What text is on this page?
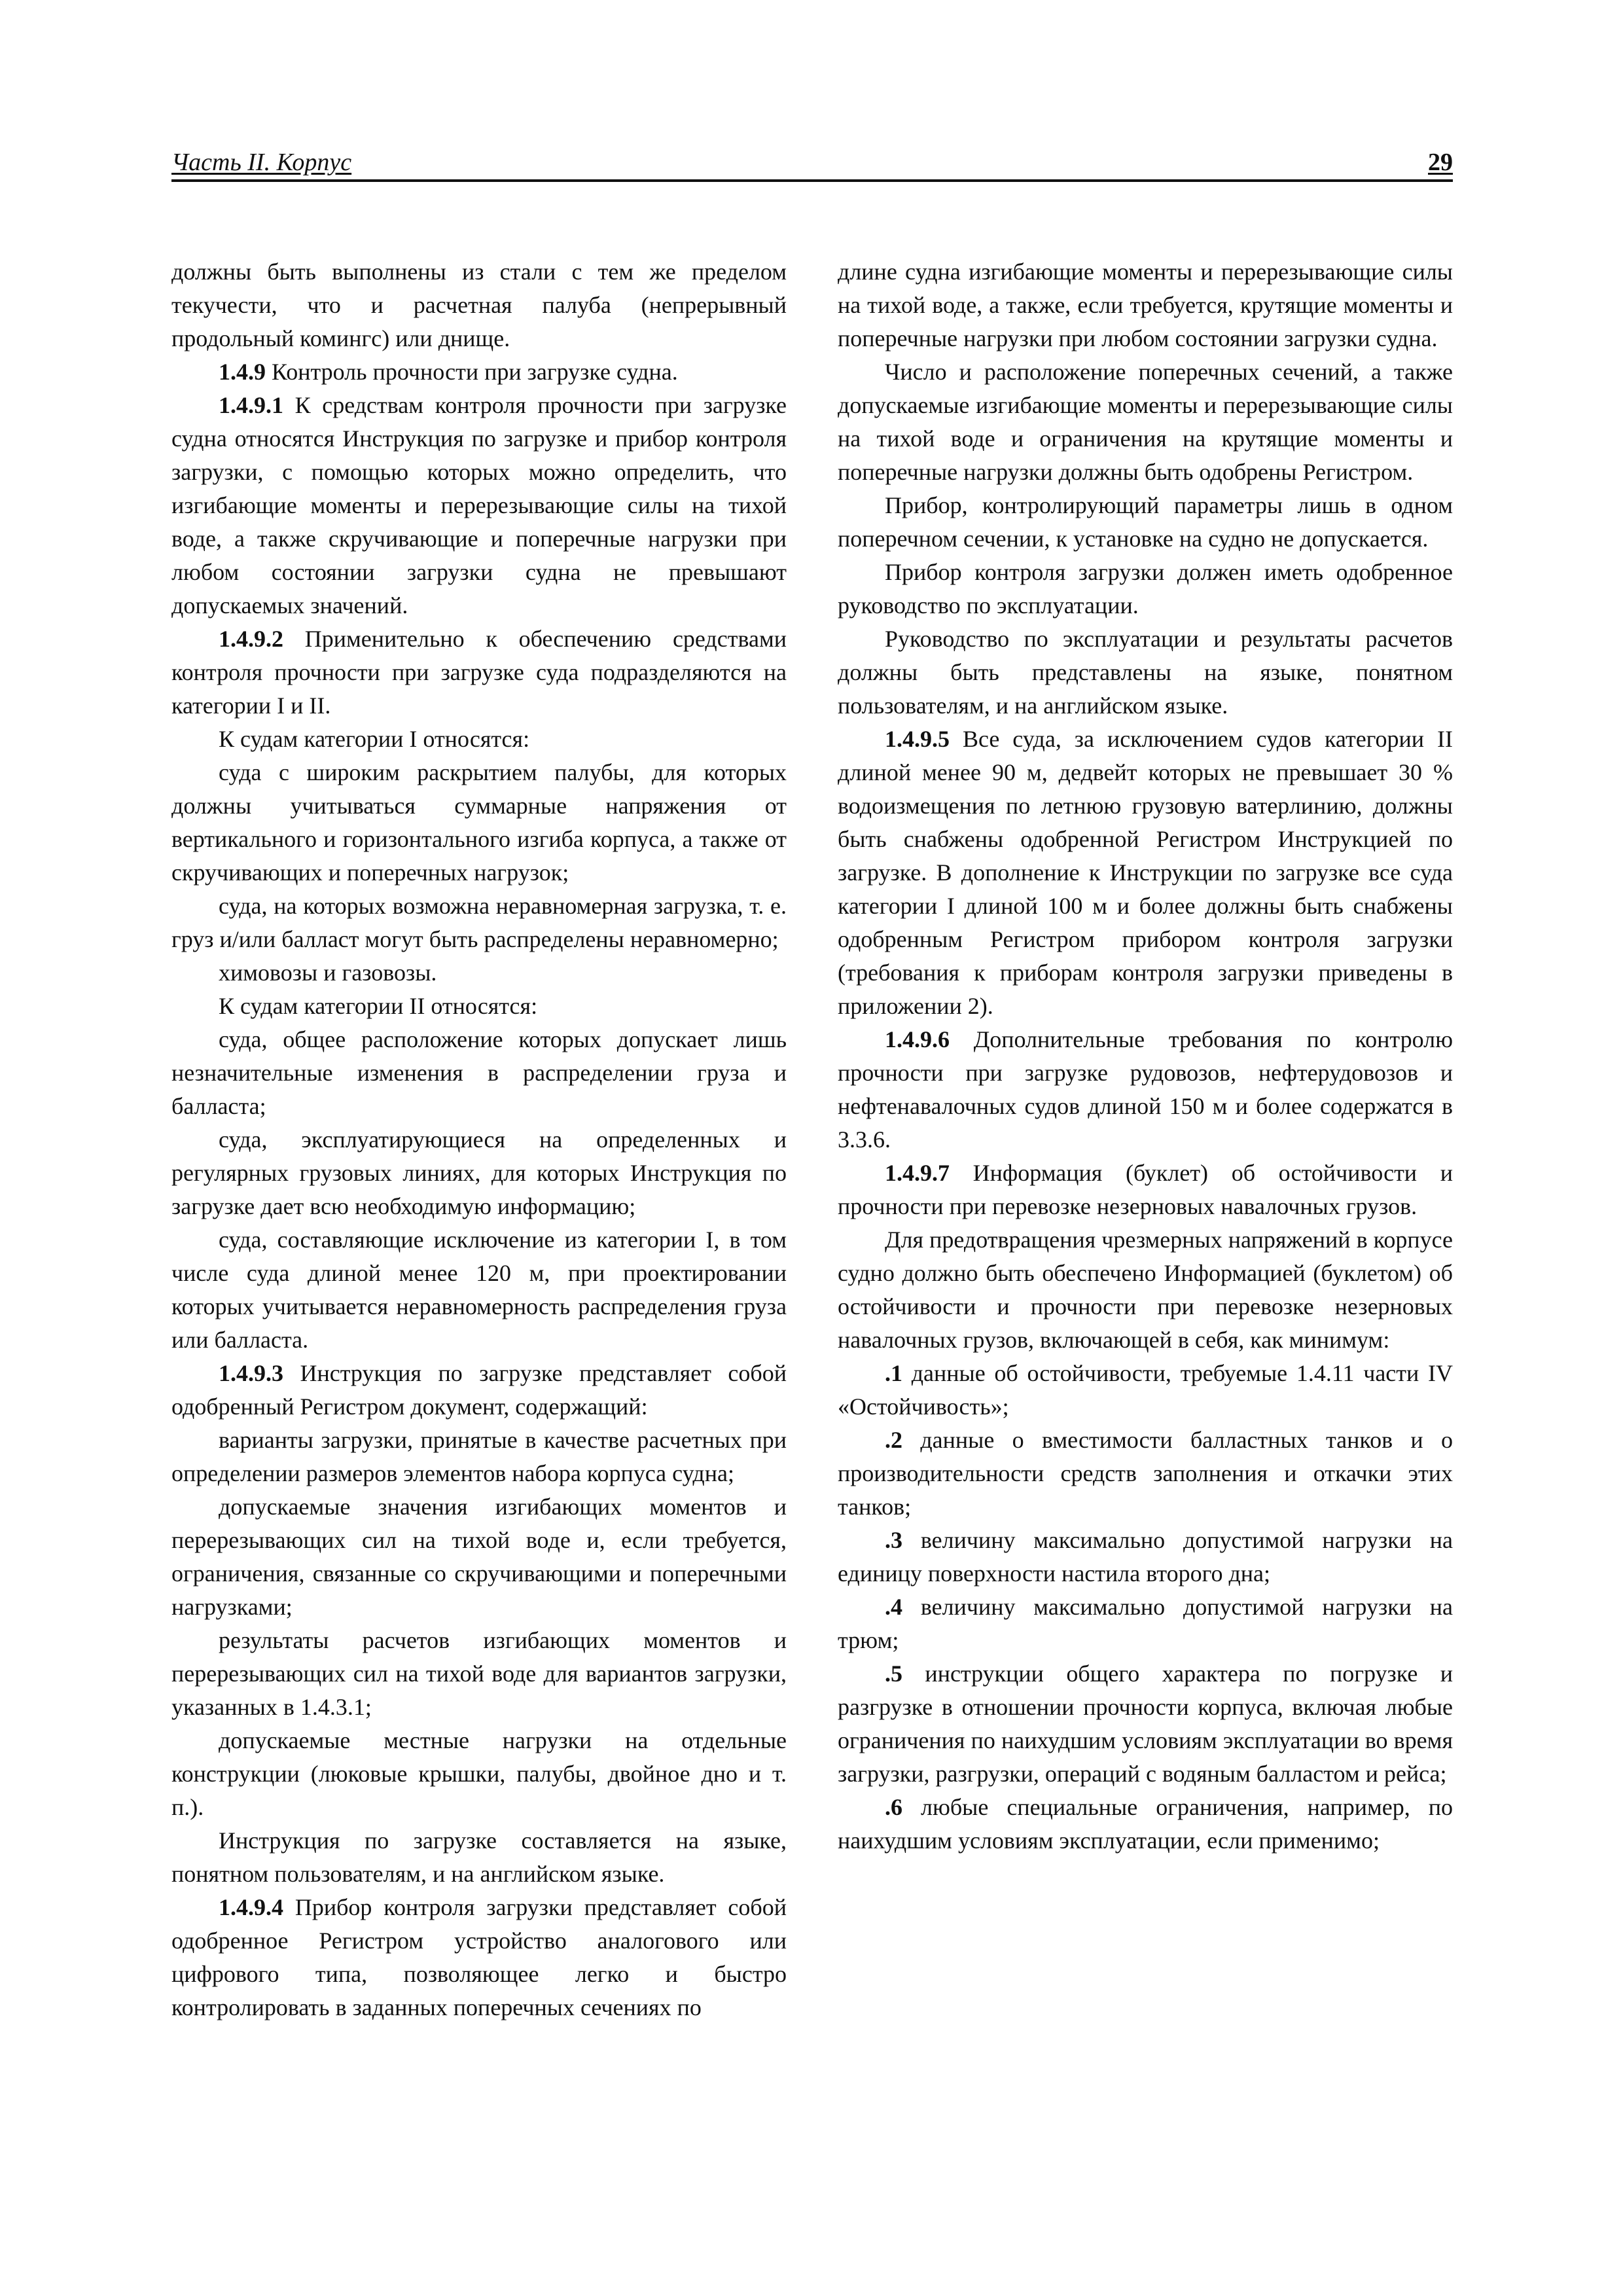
Часть II. Корпус	29

должны быть выполнены из стали с тем же пределом текучести, что и расчетная палуба (непрерывный продольный комингс) или днище.

1.4.9 Контроль прочности при загрузке судна.

1.4.9.1 К средствам контроля прочности при загрузке судна относятся Инструкция по загрузке и прибор контроля загрузки, с помощью которых можно определить, что изгибающие моменты и перерезывающие силы на тихой воде, а также скручивающие и поперечные нагрузки при любом состоянии загрузки судна не превышают допускаемых значений.

1.4.9.2 Применительно к обеспечению средствами контроля прочности при загрузке суда подразделяются на категории I и II.

К судам категории I относятся:

суда с широким раскрытием палубы, для которых должны учитываться суммарные напряжения от вертикального и горизонтального изгиба корпуса, а также от скручивающих и поперечных нагрузок;

суда, на которых возможна неравномерная загрузка, т. е. груз и/или балласт могут быть распределены неравномерно;

химовозы и газовозы.

К судам категории II относятся:

суда, общее расположение которых допускает лишь незначительные изменения в распределении груза и балласта;

суда, эксплуатирующиеся на определенных и регулярных грузовых линиях, для которых Инструкция по загрузке дает всю необходимую информацию;

суда, составляющие исключение из категории I, в том числе суда длиной менее 120 м, при проектировании которых учитывается неравномерность распределения груза или балласта.

1.4.9.3 Инструкция по загрузке представляет собой одобренный Регистром документ, содержащий:

варианты загрузки, принятые в качестве расчетных при определении размеров элементов набора корпуса судна;

допускаемые значения изгибающих моментов и перерезывающих сил на тихой воде и, если требуется, ограничения, связанные со скручивающими и поперечными нагрузками;

результаты расчетов изгибающих моментов и перерезывающих сил на тихой воде для вариантов загрузки, указанных в 1.4.3.1;

допускаемые местные нагрузки на отдельные конструкции (люковые крышки, палубы, двойное дно и т. п.).

Инструкция по загрузке составляется на языке, понятном пользователям, и на английском языке.

1.4.9.4 Прибор контроля загрузки представляет собой одобренное Регистром устройство аналогового или цифрового типа, позволяющее легко и быстро контролировать в заданных поперечных сечениях по

длине судна изгибающие моменты и перерезывающие силы на тихой воде, а также, если требуется, крутящие моменты и поперечные нагрузки при любом состоянии загрузки судна.

Число и расположение поперечных сечений, а также допускаемые изгибающие моменты и перерезывающие силы на тихой воде и ограничения на крутящие моменты и поперечные нагрузки должны быть одобрены Регистром.

Прибор, контролирующий параметры лишь в одном поперечном сечении, к установке на судно не допускается.

Прибор контроля загрузки должен иметь одобренное руководство по эксплуатации.

Руководство по эксплуатации и результаты расчетов должны быть представлены на языке, понятном пользователям, и на английском языке.

1.4.9.5 Все суда, за исключением судов категории II длиной менее 90 м, дедвейт которых не превышает 30 % водоизмещения по летнюю грузовую ватерлинию, должны быть снабжены одобренной Регистром Инструкцией по загрузке. В дополнение к Инструкции по загрузке все суда категории I длиной 100 м и более должны быть снабжены одобренным Регистром прибором контроля загрузки (требования к приборам контроля загрузки приведены в приложении 2).

1.4.9.6 Дополнительные требования по контролю прочности при загрузке рудовозов, нефтерудовозов и нефтенавалочных судов длиной 150 м и более содержатся в 3.3.6.

1.4.9.7 Информация (буклет) об остойчивости и прочности при перевозке незерновых навалочных грузов.

Для предотвращения чрезмерных напряжений в корпусе судно должно быть обеспечено Информацией (буклетом) об остойчивости и прочности при перевозке незерновых навалочных грузов, включающей в себя, как минимум:

.1 данные об остойчивости, требуемые 1.4.11 части IV «Остойчивость»;

.2 данные о вместимости балластных танков и о производительности средств заполнения и откачки этих танков;

.3 величину максимально допустимой нагрузки на единицу поверхности настила второго дна;

.4 величину максимально допустимой нагрузки на трюм;

.5 инструкции общего характера по погрузке и разгрузке в отношении прочности корпуса, включая любые ограничения по наихудшим условиям эксплуатации во время загрузки, разгрузки, операций с водяным балластом и рейса;

.6 любые специальные ограничения, например, по наихудшим условиям эксплуатации, если применимо;
